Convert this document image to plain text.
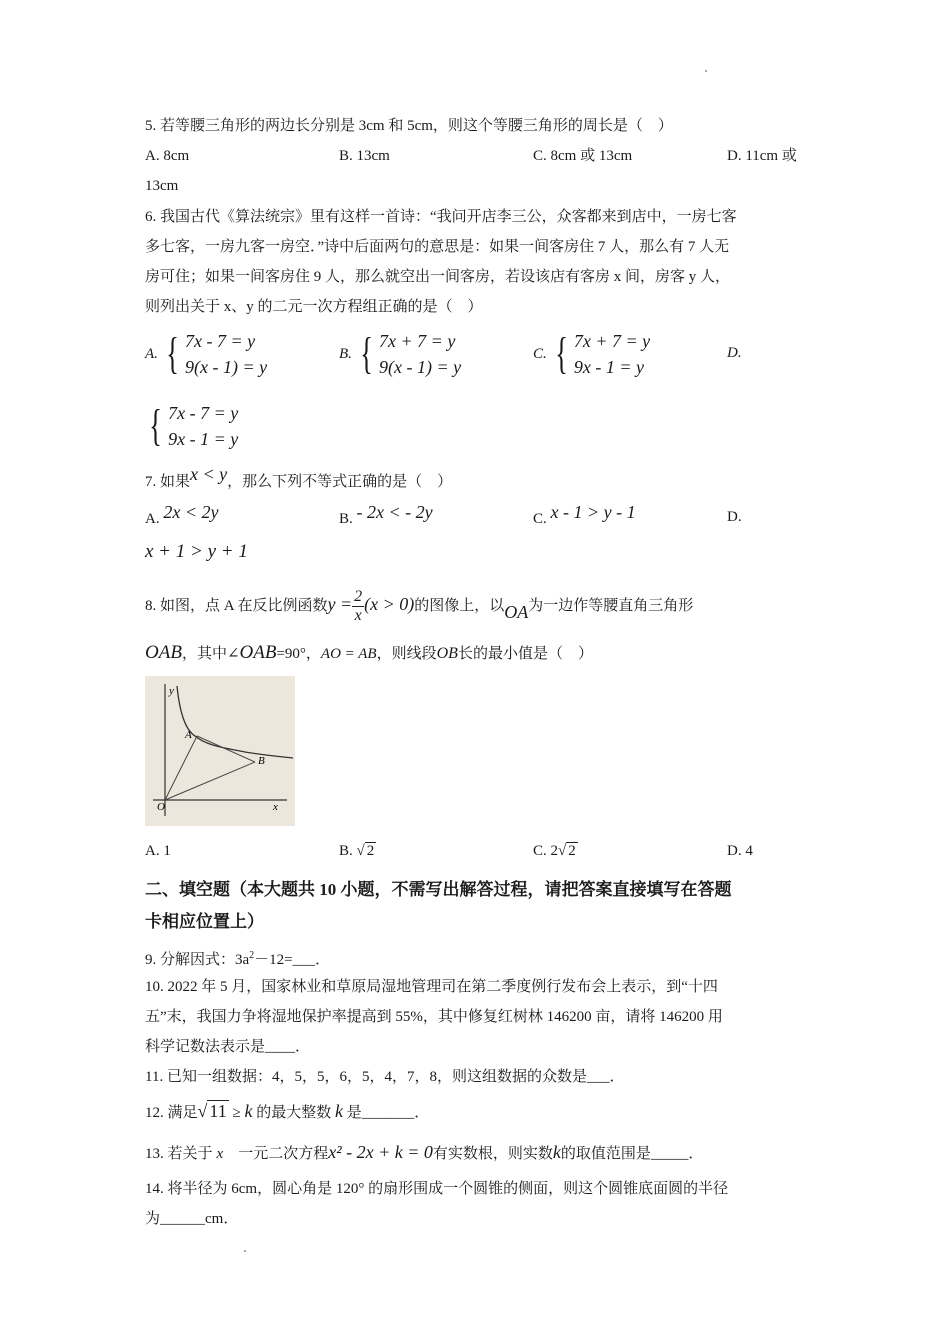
5. 若等腰三角形的两边长分别是 3cm 和 5cm，则这个等腰三角形的周长是（　）
A. 8cm	B. 13cm	C. 8cm 或 13cm	D. 11cm 或
13cm
6. 我国古代《算法统宗》里有这样一首诗：“我问开店李三公，众客都来到店中，一房七客
多七客，一房九客一房空．”诗中后面两句的意思是：如果一间客房住 7 人，那么有 7 人无
房可住；如果一间客房住 9 人，那么就空出一间客房，若设该店有客房 x 间，房客 y 人，
则列出关于 x、y 的二元一次方程组正确的是（　）
A. { 7x - 7 = y
9(x - 1) = y
B. { 7x + 7 = y
9(x - 1) = y
C. { 7x + 7 = y
9x - 1 = y
D.
{ 7x - 7 = y
9x - 1 = y
7. 如果x < y，那么下列不等式正确的是（　）
A. 2x < 2y	B. - 2x < - 2y	C. x - 1 > y - 1	D.
x + 1 > y + 1
8. 如图，点 A 在反比例函数$y = \frac{2}{x} (x > 0)$的图像上，以OA为一边作等腰直角三角形
OAB，其中∠OAB=90°，AO = AB，则线段OB长的最小值是（　）
y
A
B
O	x
A. 1	B. √ 2	C. 2√ 2	D. 4
二、填空题（本大题共 10 小题，不需写出解答过程，请把答案直接填写在答题
卡相应位置上）
9. 分解因式：$3a^2-12=\_\_\_$．
10. 2022 年 5 月，国家林业和草原局湿地管理司在第二季度例行发布会上表示，到“十四
五”末，我国力争将湿地保护率提高到 55%，其中修复红树林 146200 亩，请将 146200 用
科学记数法表示是____．
11. 已知一组数据：4，5，5，6，5，4，7，8，则这组数据的众数是___．
12. 满足√ 11 ≥ k 的最大整数 k 是_______．
13. 若关于 x　一元二次方程x² - 2x + k = 0有实数根，则实数k的取值范围是_____．
14. 将半径为 6cm，圆心角是 120° 的扇形围成一个圆锥的侧面，则这个圆锥底面圆的半径
为______cm．
